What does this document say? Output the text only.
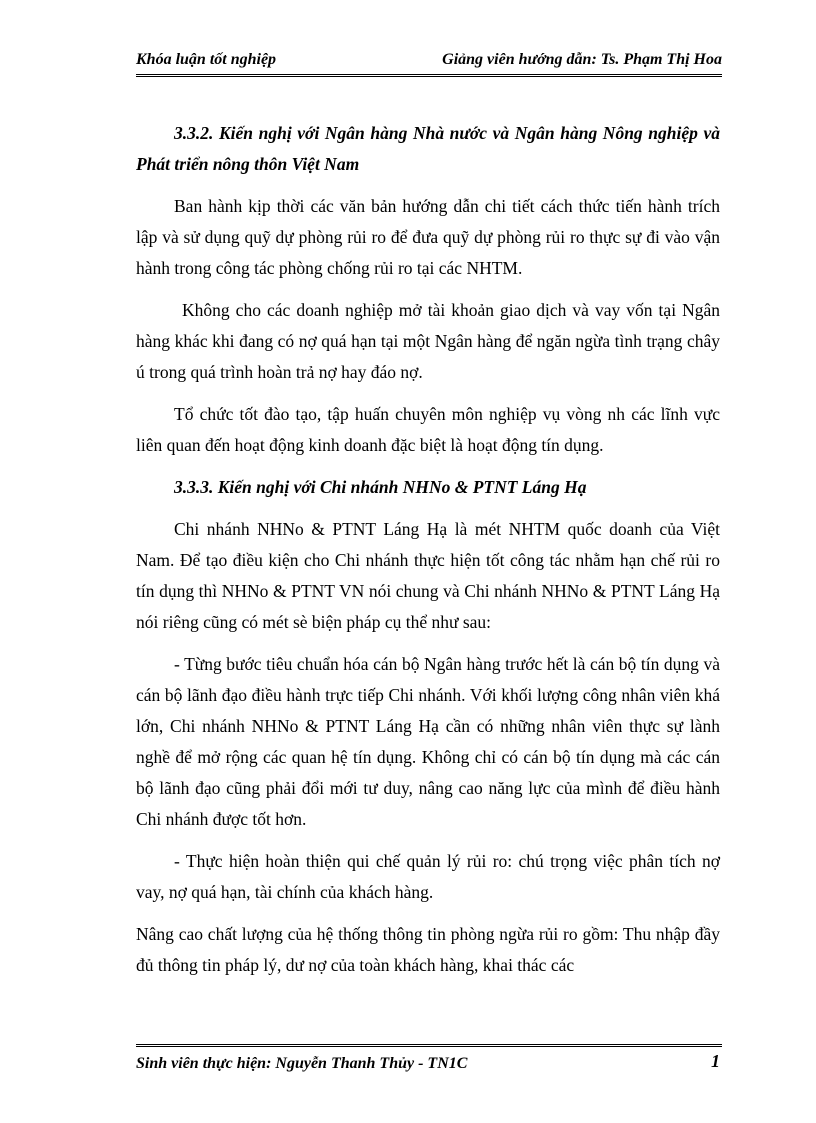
Khóa luận tốt nghiệp	Giảng viên hướng dẫn: Ts. Phạm Thị Hoa
3.3.2. Kiến nghị với Ngân hàng Nhà nước và Ngân hàng Nông nghiệp và Phát triển nông thôn Việt Nam

Ban hành kịp thời các văn bản hướng dẫn chi tiết cách thức tiến hành trích lập và sử dụng quỹ dự phòng rủi ro để đưa quỹ dự phòng rủi ro thực sự đi vào vận hành trong công tác phòng chống rủi ro tại các NHTM.

Không cho các doanh nghiệp mở tài khoản giao dịch và vay vốn tại Ngân hàng khác khi đang có nợ quá hạn tại một Ngân hàng để ngăn ngừa tình trạng chây ú trong quá trình hoàn trả nợ hay đáo nợ.

Tổ chức tốt đào tạo, tập huấn chuyên môn nghiệp vụ vòng nh các lĩnh vực liên quan đến hoạt động kinh doanh đặc biệt là hoạt động tín dụng.

3.3.3. Kiến nghị với Chi nhánh NHNo & PTNT Láng Hạ

Chi nhánh NHNo & PTNT Láng Hạ là mét NHTM quốc doanh của Việt Nam. Để tạo điều kiện cho Chi nhánh thực hiện tốt công tác nhằm hạn chế rủi ro tín dụng thì NHNo & PTNT VN nói chung và Chi nhánh NHNo & PTNT Láng Hạ nói riêng cũng có mét sè biện pháp cụ thể như sau:

- Từng bước tiêu chuẩn hóa cán bộ Ngân hàng trước hết là cán bộ tín dụng và cán bộ lãnh đạo điều hành trực tiếp Chi nhánh. Với khối lượng công nhân viên khá lớn, Chi nhánh NHNo & PTNT Láng Hạ cần có những nhân viên thực sự lành nghề để mở rộng các quan hệ tín dụng. Không chỉ có cán bộ tín dụng mà các cán bộ lãnh đạo cũng phải đổi mới tư duy, nâng cao năng lực của mình để điều hành Chi nhánh được tốt hơn.

- Thực hiện hoàn thiện qui chế quản lý rủi ro: chú trọng việc phân tích nợ vay, nợ quá hạn, tài chính của khách hàng.

Nâng cao chất lượng của hệ thống thông tin phòng ngừa rủi ro gồm: Thu nhập đầy đủ thông tin pháp lý, dư nợ của toàn khách hàng, khai thác các

Sinh viên thực hiện: Nguyễn Thanh Thủy - TN1C	1
